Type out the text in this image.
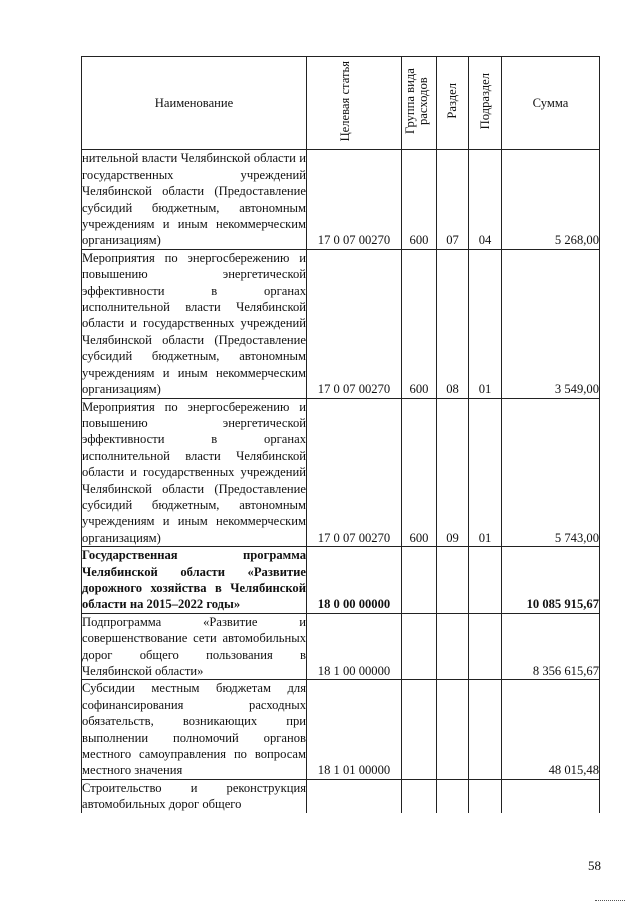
Наименование	Целевая статья	Группа вида расходов	Раздел	Подраздел	Сумма

нительной власти Челябинской области и государственных учреждений Челябинской области (Предоставление субсидий бюджетным, автономным учреждениям и иным некоммерческим организациям)	17 0 07 00270	600	07	04	5 268,00

Мероприятия по энергосбережению и повышению энергетической эффективности в органах исполнительной власти Челябинской области и государственных учреждений Челябинской области (Предоставление субсидий бюджетным, автономным учреждениям и иным некоммерческим организациям)	17 0 07 00270	600	08	01	3 549,00

Мероприятия по энергосбережению и повышению энергетической эффективности в органах исполнительной власти Челябинской области и государственных учреждений Челябинской области (Предоставление субсидий бюджетным, автономным учреждениям и иным некоммерческим организациям)	17 0 07 00270	600	09	01	5 743,00

Государственная программа Челябинской области «Развитие дорожного хозяйства в Челябинской области на 2015–2022 годы»	18 0 00 00000				10 085 915,67

Подпрограмма «Развитие и совершенствование сети автомобильных дорог общего пользования в Челябинской области»	18 1 00 00000				8 356 615,67

Субсидии местным бюджетам для софинансирования расходных обязательств, возникающих при выполнении полномочий органов местного самоуправления по вопросам местного значения	18 1 01 00000				48 015,48

Строительство и реконструкция автомобильных дорог общего					

58
